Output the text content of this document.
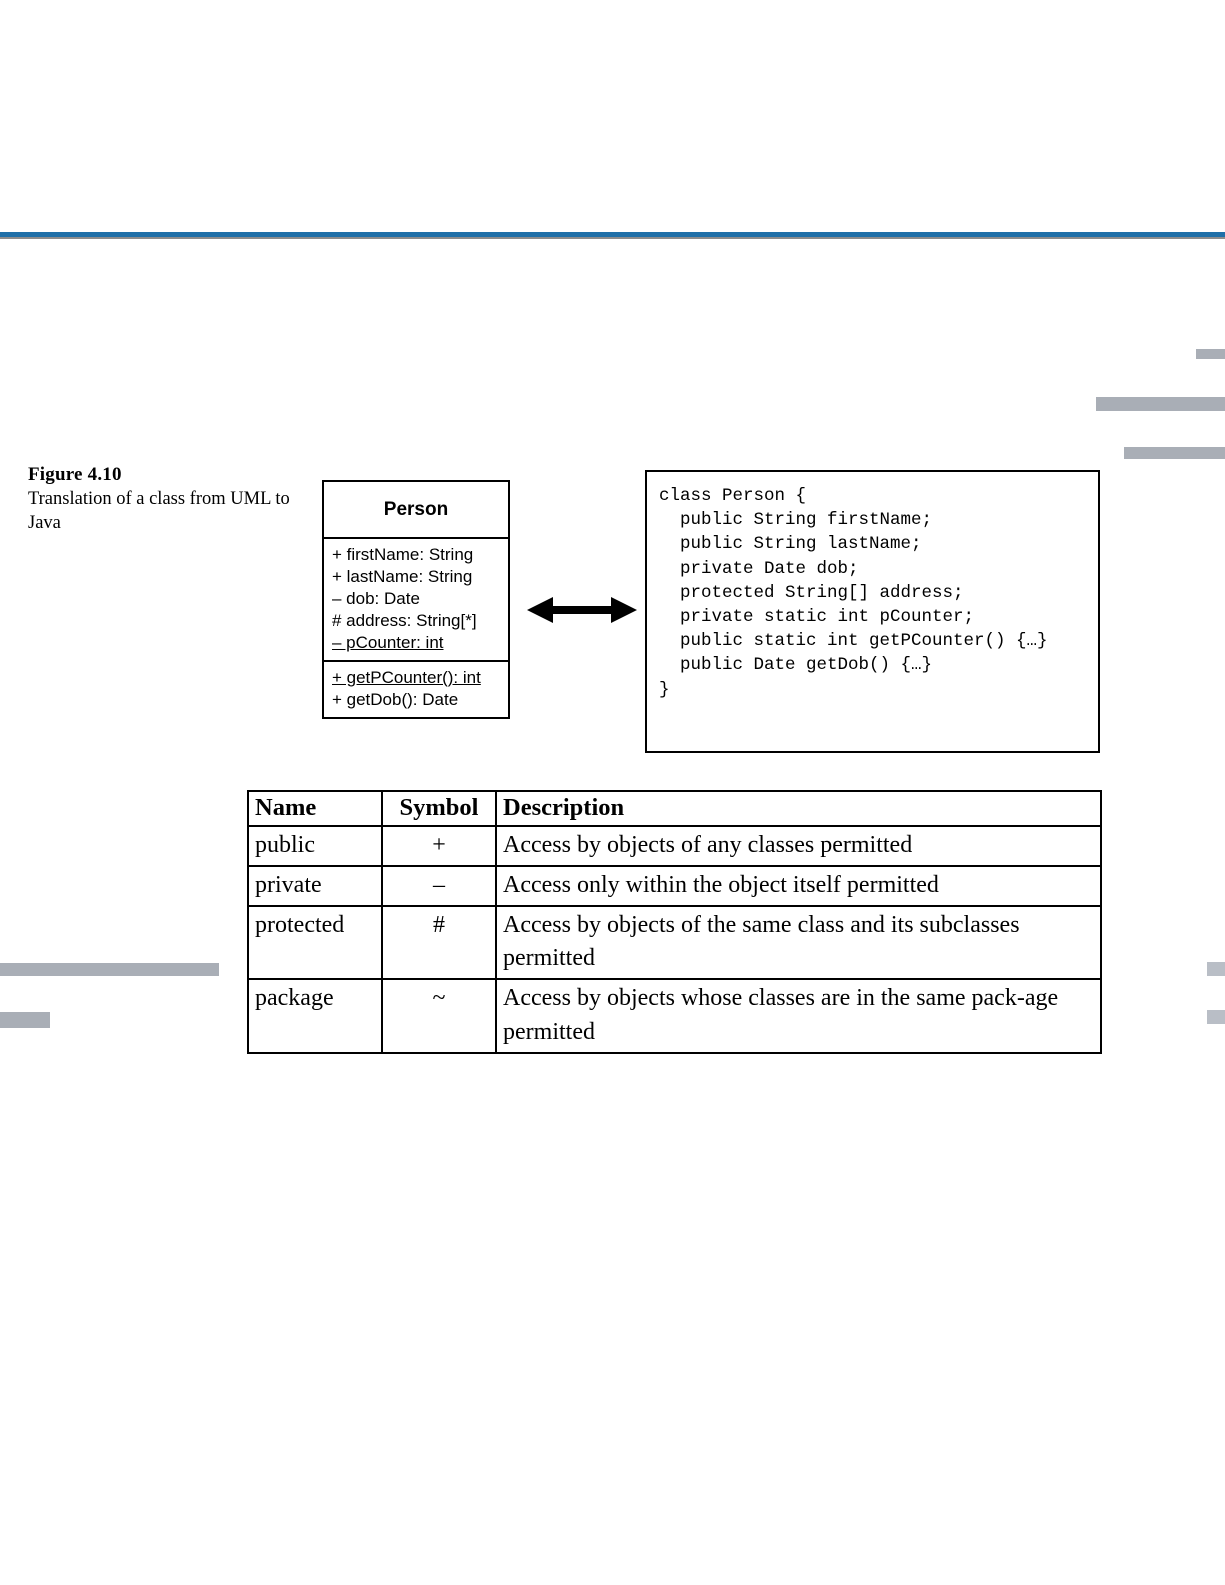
Figure 4.10
Translation of a class from UML to Java
Person
+ firstName: String
+ lastName: String
– dob: Date
# address: String[*]
– pCounter: int
+ getPCounter(): int
+ getDob(): Date
class Person {
public String firstName;
public String lastName;
private Date dob;
protected String[] address;
private static int pCounter;
public static int getPCounter() {…}
public Date getDob() {…}
}
Name	Symbol	Description
public	+	Access by objects of any classes permitted
private	–	Access only within the object itself permitted
protected	#	Access by objects of the same class and its subclasses permitted
package	~	Access by objects whose classes are in the same pack-age permitted
